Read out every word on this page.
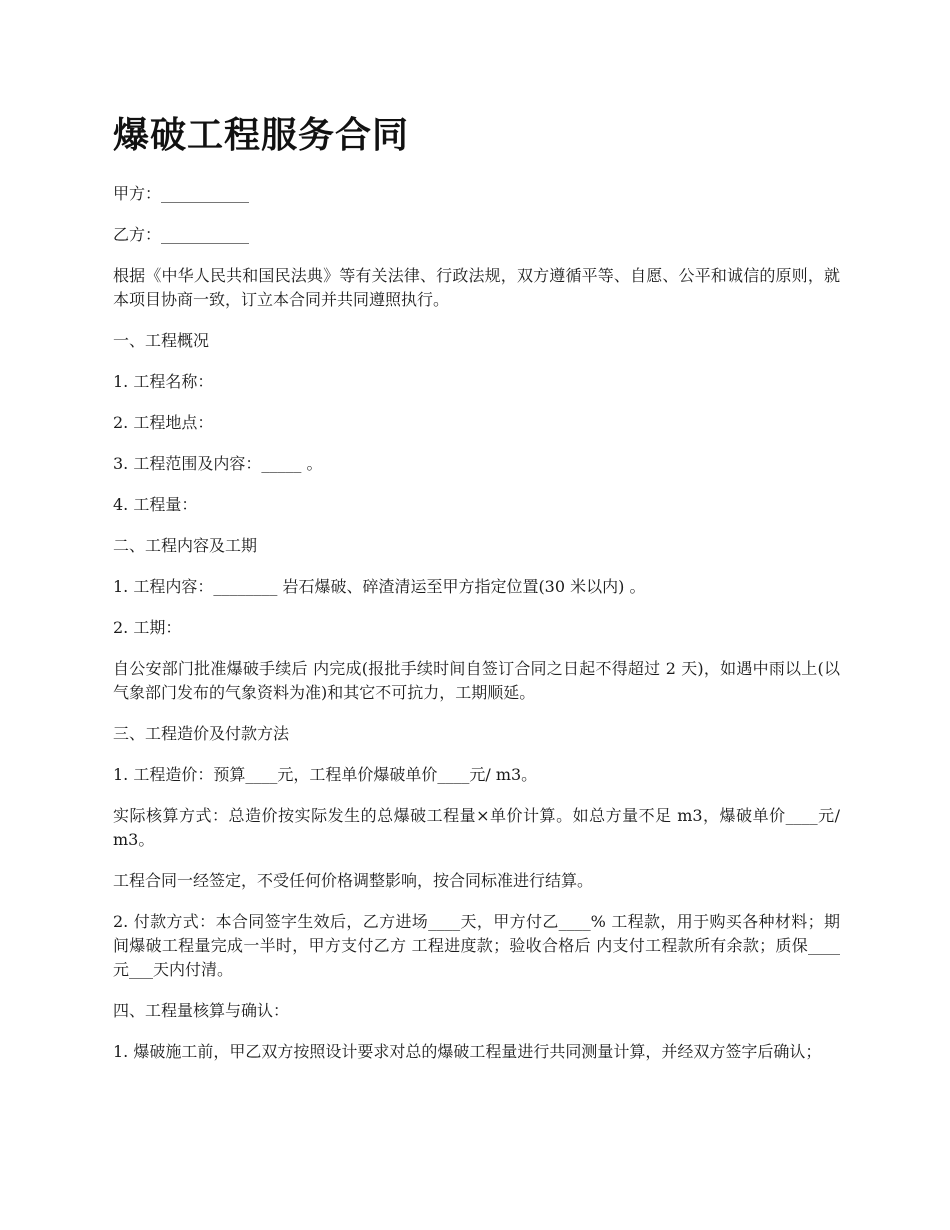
爆破工程服务合同

甲方：___________

乙方：___________

根据《中华人民共和国民法典》等有关法律、行政法规，双方遵循平等、自愿、公平和诚信的原则，就本项目协商一致，订立本合同并共同遵照执行。

一、工程概况

1. 工程名称：

2. 工程地点：

3. 工程范围及内容：_____ 。

4. 工程量：

二、工程内容及工期

1. 工程内容：________ 岩石爆破、碎渣清运至甲方指定位置(30 米以内) 。

2. 工期：

自公安部门批准爆破手续后 内完成(报批手续时间自签订合同之日起不得超过 2 天)，如遇中雨以上(以气象部门发布的气象资料为准)和其它不可抗力，工期顺延。

三、工程造价及付款方法

1. 工程造价：预算____元，工程单价爆破单价____元/ m3。

实际核算方式：总造价按实际发生的总爆破工程量×单价计算。如总方量不足 m3，爆破单价____元/ m3。

工程合同一经签定，不受任何价格调整影响，按合同标准进行结算。

2. 付款方式：本合同签字生效后，乙方进场____天，甲方付乙____% 工程款，用于购买各种材料；期间爆破工程量完成一半时，甲方支付乙方 工程进度款；验收合格后 内支付工程款所有余款；质保____元___天内付清。

四、工程量核算与确认：

1. 爆破施工前，甲乙双方按照设计要求对总的爆破工程量进行共同测量计算，并经双方签字后确认；
